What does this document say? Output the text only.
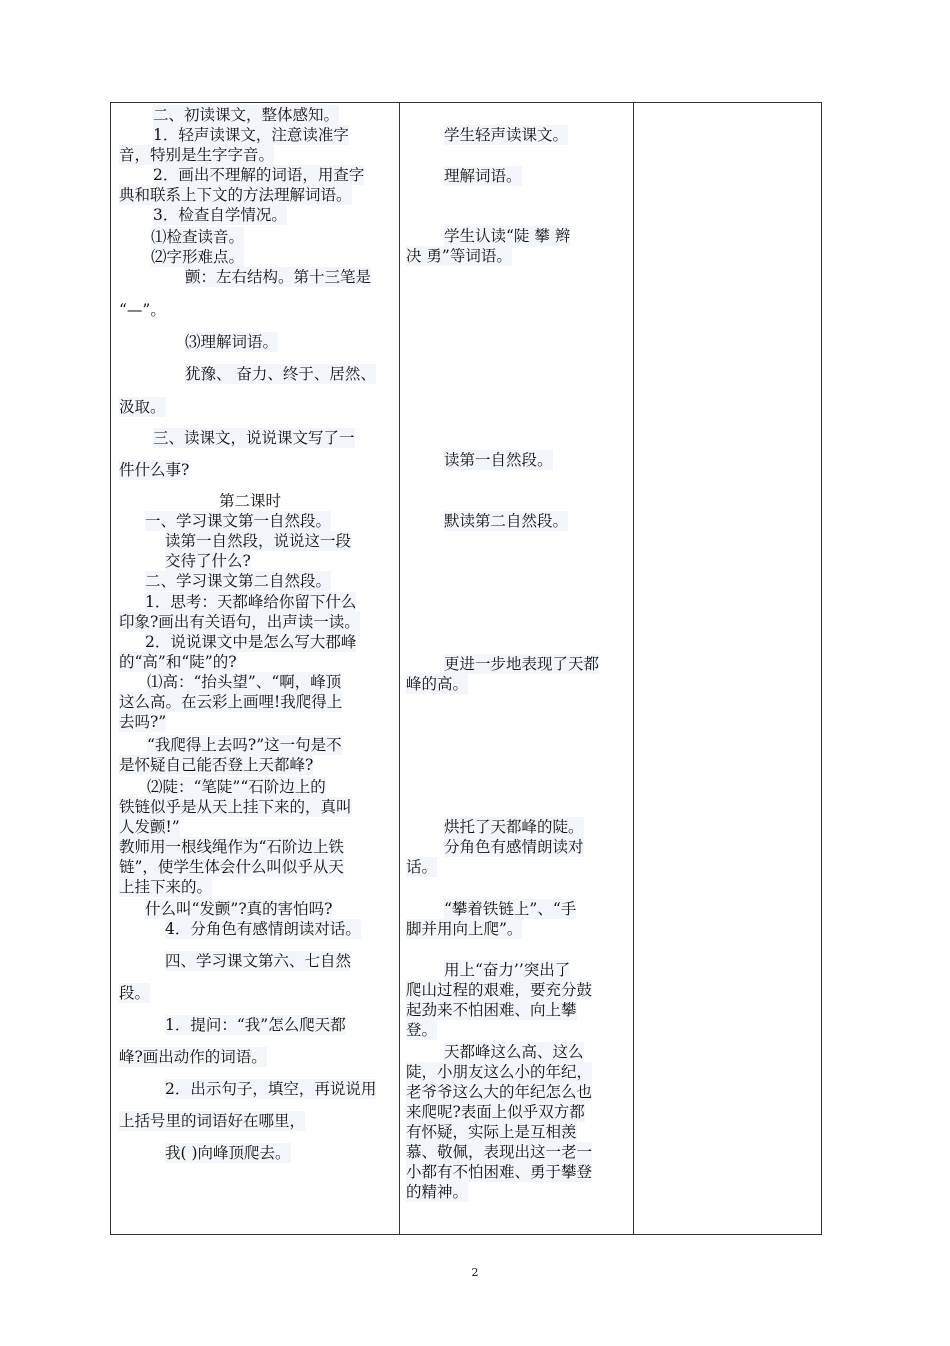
二、初读课文，整体感知。
1．轻声读课文，注意读准字
音，特别是生字字音。
2．画出不理解的词语，用查字
典和联系上下文的方法理解词语。
3．检查自学情况。
⑴检查读音。
⑵字形难点。
颤：左右结构。第十三笔是
“—”。
⑶理解词语。
犹豫、 奋力、终于、居然、
汲取。
三、读课文，说说课文写了一
件什么事?
第二课时
一、学习课文第一自然段。
读第一自然段，说说这一段
交待了什么?
二、学习课文第二自然段。
1．思考：天都峰给你留下什么
印象?画出有关语句，出声读一读。
2．说说课文中是怎么写大郡峰
的“高”和“陡”的?
⑴高：“抬头望”、“啊，峰顶
这么高。在云彩上画哩!我爬得上
去吗?”
“我爬得上去吗?”这一句是不
是怀疑自己能否登上天都峰?
⑵陡：“笔陡”“石阶边上的
铁链似乎是从天上挂下来的，真叫
人发颤!”
教师用一根线绳作为“石阶边上铁
链”，使学生体会什么叫似乎从天
上挂下来的。
什么叫“发颤”?真的害怕吗?
4．分角色有感情朗读对话。
四、学习课文第六、七自然
段。
1．提问：“我”怎么爬天都
峰?画出动作的词语。
2．出示句子，填空，再说说用
上括号里的词语好在哪里，
我( )向峰顶爬去。
学生轻声读课文。
理解词语。
学生认读“陡 攀 辫
决 勇”等词语。
读第一自然段。
默读第二自然段。
更进一步地表现了天都
峰的高。
烘托了天都峰的陡。
分角色有感情朗读对
话。
“攀着铁链上”、“手
脚并用向上爬”。
用上“奋力’’突出了
爬山过程的艰难，要充分鼓
起劲来不怕困难、向上攀
登。
天都峰这么高、这么
陡，小朋友这么小的年纪，
老爷爷这么大的年纪怎么也
来爬呢?表面上似乎双方都
有怀疑，实际上是互相羡
慕、敬佩，表现出这一老一
小都有不怕困难、勇于攀登
的精神。
2
